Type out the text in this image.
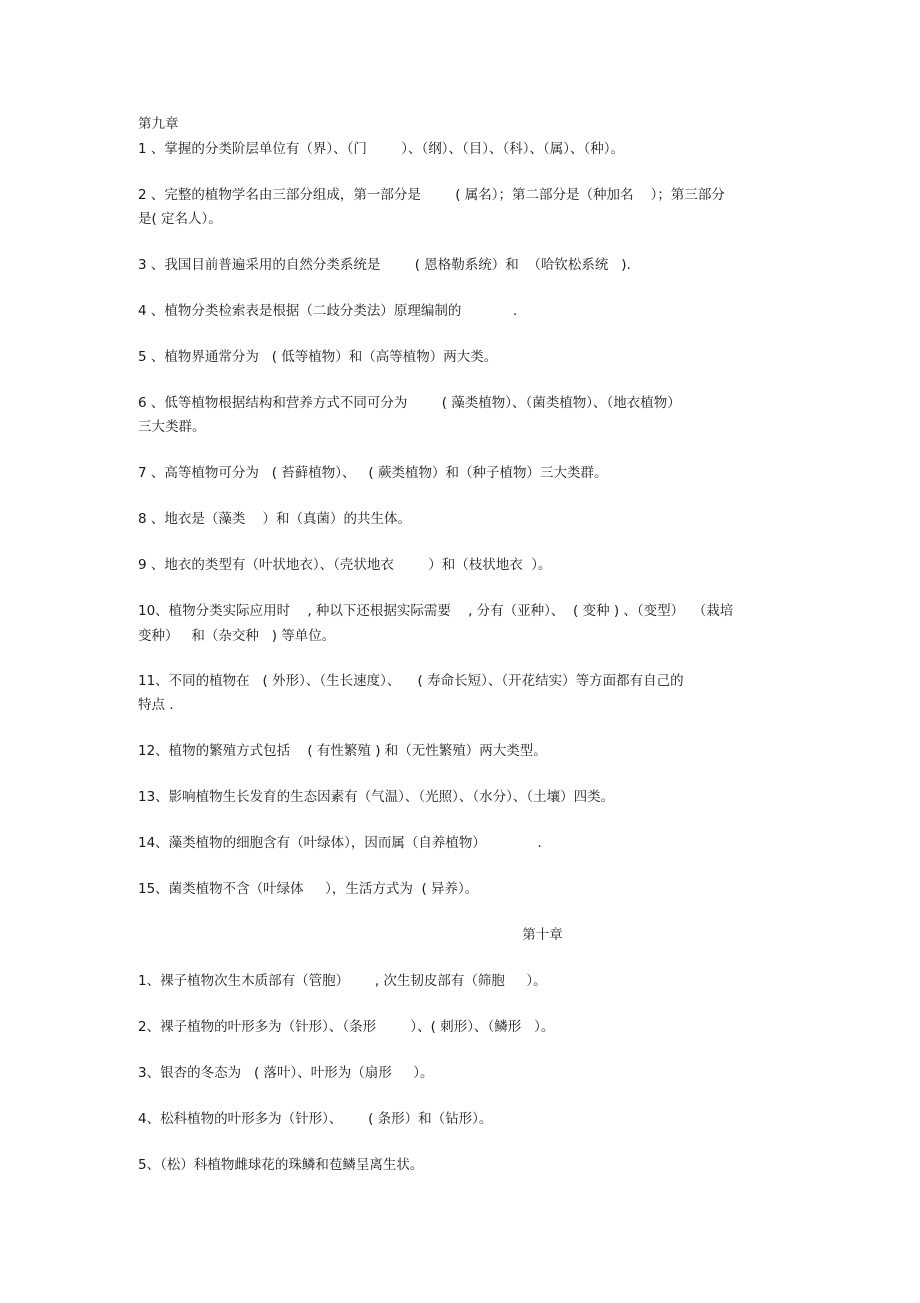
第九章
1 、掌握的分类阶层单位有（界）、（门        ）、（纲）、（目）、（科）、（属）、（种）。
2 、完整的植物学名由三部分组成，第一部分是        ( 属名）；第二部分是（种加名    ）；第三部分
是( 定名人）。
3 、我国目前普遍采用的自然分类系统是        ( 恩格勒系统）和  （哈钦松系统   ).
4 、植物分类检索表是根据（二歧分类法）原理编制的            .
5 、植物界通常分为   ( 低等植物）和（高等植物）两大类。
6 、低等植物根据结构和营养方式不同可分为        ( 藻类植物）、（菌类植物）、（地衣植物）
三大类群。
7 、高等植物可分为   ( 苔藓植物）、   ( 蕨类植物）和（种子植物）三大类群。
8 、地衣是（藻类    ）和（真菌）的共生体。
9 、地衣的类型有（叶状地衣）、（壳状地衣        ）和（枝状地衣  ）。
10、植物分类实际应用时    , 种以下还根据实际需要    , 分有（亚种）、  ( 变种 ) 、（变型）  （栽培
变种）   和（杂交种   ) 等单位。
11、不同的植物在   ( 外形）、（生长速度）、    ( 寿命长短）、（开花结实）等方面都有自己的
特点 .
12、植物的繁殖方式包括    ( 有性繁殖 ) 和（无性繁殖）两大类型。
13、影响植物生长发育的生态因素有（气温）、（光照）、（水分）、（土壤）四类。
14、藻类植物的细胞含有（叶绿体），因而属（自养植物）            .
15、菌类植物不含（叶绿体     ），生活方式为  ( 异养）。
第十章
1、裸子植物次生木质部有（管胞）      , 次生韧皮部有（筛胞     ）。
2、裸子植物的叶形多为（针形）、（条形        ）、( 刺形）、（鳞形   ）。
3、银杏的冬态为   ( 落叶）、叶形为（扇形     ）。
4、松科植物的叶形多为（针形）、      ( 条形）和（钻形）。
5、（松）科植物雌球花的珠鳞和苞鳞呈离生状。
